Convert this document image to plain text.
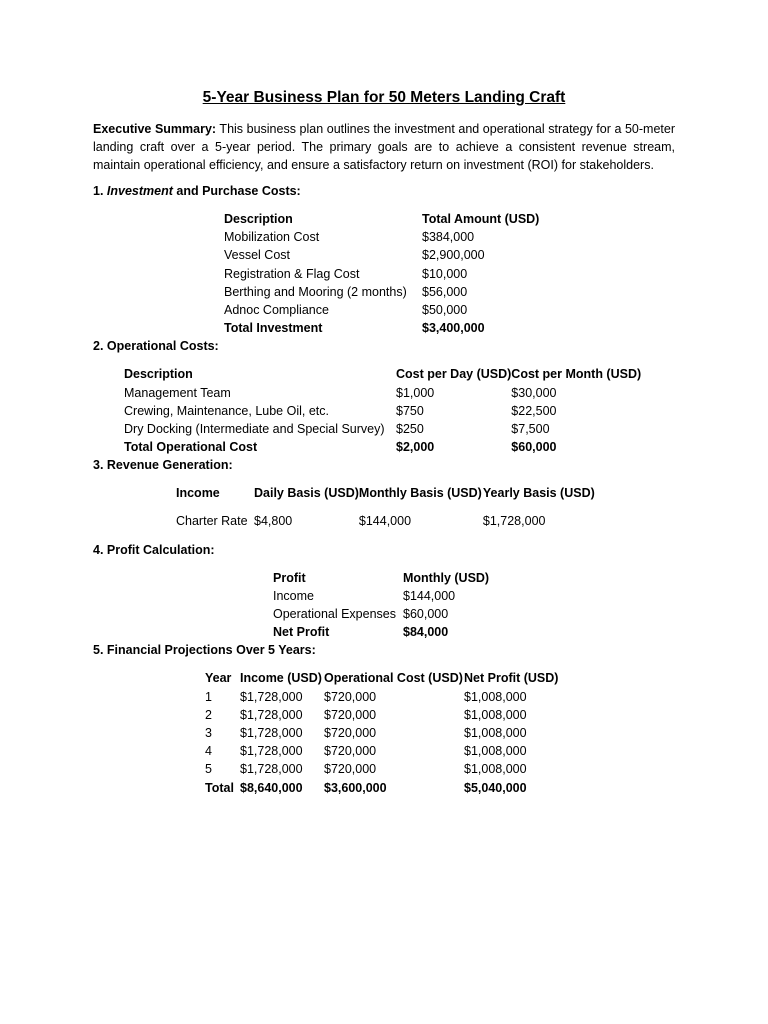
5-Year Business Plan for 50 Meters Landing Craft

Executive Summary: This business plan outlines the investment and operational strategy for a 50-meter landing craft over a 5-year period. The primary goals are to achieve a consistent revenue stream, maintain operational efficiency, and ensure a satisfactory return on investment (ROI) for stakeholders.

1. Investment and Purchase Costs:

Description	Total Amount (USD)
Mobilization Cost	$384,000
Vessel Cost	$2,900,000
Registration & Flag Cost	$10,000
Berthing and Mooring (2 months)	$56,000
Adnoc Compliance	$50,000
Total Investment	$3,400,000

2. Operational Costs:

Description	Cost per Day (USD)	Cost per Month (USD)
Management Team	$1,000	$30,000
Crewing, Maintenance, Lube Oil, etc.	$750	$22,500
Dry Docking (Intermediate and Special Survey)	$250	$7,500
Total Operational Cost	$2,000	$60,000

3. Revenue Generation:

Income	Daily Basis (USD)	Monthly Basis (USD)	Yearly Basis (USD)
Charter Rate	$4,800	$144,000	$1,728,000

4. Profit Calculation:

Profit	Monthly (USD)
Income	$144,000
Operational Expenses	$60,000
Net Profit	$84,000

5. Financial Projections Over 5 Years:

Year	Income (USD)	Operational Cost (USD)	Net Profit (USD)
1	$1,728,000	$720,000	$1,008,000
2	$1,728,000	$720,000	$1,008,000
3	$1,728,000	$720,000	$1,008,000
4	$1,728,000	$720,000	$1,008,000
5	$1,728,000	$720,000	$1,008,000
Total	$8,640,000	$3,600,000	$5,040,000
